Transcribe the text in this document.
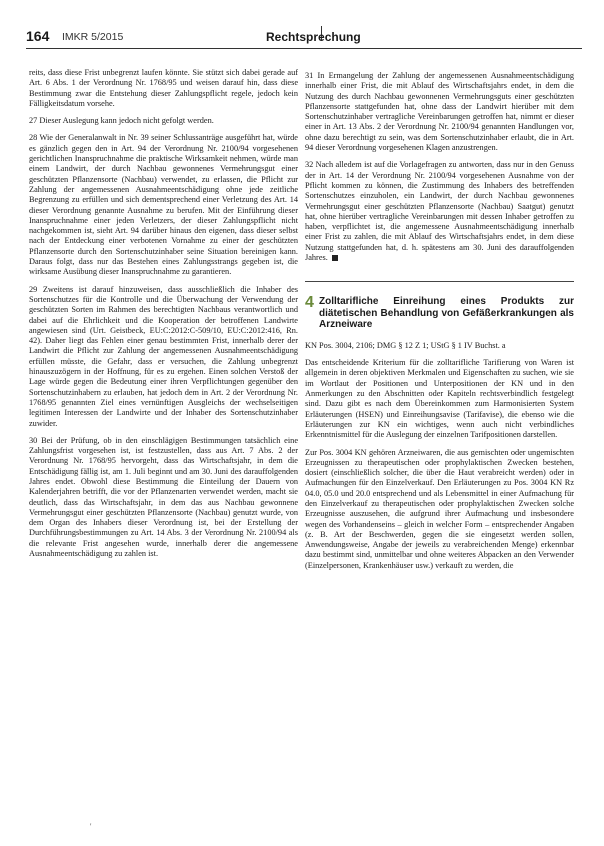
164 IMKR 5/2015	Rechtsprechung

reits, dass diese Frist unbegrenzt laufen könnte. Sie stützt sich dabei gerade auf Art. 6 Abs. 1 der Verordnung Nr. 1768/95 und weisen darauf hin, dass diese Bestimmung zwar die Entstehung dieser Zahlungspflicht regele, jedoch kein Fälligkeitsdatum vorsehe.

27 Dieser Auslegung kann jedoch nicht gefolgt werden.

28 Wie der Generalanwalt in Nr. 39 seiner Schlussanträge ausgeführt hat, würde es gänzlich gegen den in Art. 94 der Verordnung Nr. 2100/94 vorgesehenen gerichtlichen Inanspruchnahme die praktische Wirksamkeit nehmen, würde man einem Landwirt, der durch Nachbau gewonnenes Vermehrungsgut einer geschützten Pflanzensorte (Nachbau) verwendet, zu erlassen, die Pflicht zur Zahlung der angemessenen Ausnahmeentschädigung ohne jede zeitliche Begrenzung zu erfüllen und sich dementsprechend einer Verletzung des Art. 14 dieser Verordnung genannte Ausnahme zu berufen. Mit der Einführung dieser Inanspruchnahme einer jeden Verletzers, der dieser Zahlungspflicht nicht nachgekommen ist, sieht Art. 94 darüber hinaus den eigenen, dass dieser selbst nach der Entdeckung einer verbotenen Vornahme zu einer der geschützten Pflanzensorte durch den Sortenschutzinhaber seine Situation bereinigen kann. Daraus folgt, dass nur das Bestehen eines Zahlungsstrangs gegeben ist, die wirksame Ausübung dieser Inanspruchnahme zu garantieren.

29 Zweitens ist darauf hinzuweisen, dass ausschließlich die Inhaber des Sortenschutzes für die Kontrolle und die Überwachung der Verwendung der geschützten Sorten im Rahmen des berechtigten Nachbaus verantwortlich und dabei auf die Ehrlichkeit und die Kooperation der betroffenen Landwirte angewiesen sind (Urt. Geistbeck, EU:C:2012:C-509/10, EU:C:2012:416, Rn. 42). Daher liegt das Fehlen einer genau bestimmten Frist, innerhalb derer der Landwirt die Pflicht zur Zahlung der angemessenen Ausnahmeentschädigung erfüllen müsste, die Gefahr, dass er versuchen, die Zahlung unbegrenzt hinauszuzögern in der Hoffnung, für es zu ergehen. Einen solchen Verstoß der Lage würde gegen die Bedeutung einer ihren Verpflichtungen gegenüber den Sortenschutzinhabern zu erlauben, hat jedoch dem in Art. 2 der Verordnung Nr. 1768/95 genannten Ziel eines vernünftigen Ausgleichs der wechselseitigen legitimen Interessen der Landwirte und der Inhaber des Sortenschutzinhaber zuwider.

30 Bei der Prüfung, ob in den einschlägigen Bestimmungen tatsächlich eine Zahlungsfrist vorgesehen ist, ist festzustellen, dass aus Art. 7 Abs. 2 der Verordnung Nr. 1768/95 hervorgeht, dass das Wirtschaftsjahr, in dem die Entschädigung fällig ist, am 1. Juli beginnt und am 30. Juni des darauffolgenden Jahres endet. Obwohl diese Bestimmung die Einteilung der Dauern von Kalenderjahren betrifft, die vor der Pflanzenarten verwendet werden, macht sie deutlich, dass das Wirtschaftsjahr, in dem das aus Nachbau gewonnene Vermehrungsgut einer geschützten Pflanzensorte (Nachbau) genutzt wurde, von dem Organ des Inhabers dieser Verordnung ist, bei der Erstellung der Durchführungsbestimmungen zu Art. 14 Abs. 3 der Verordnung Nr. 2100/94 als die relevante Frist angesehen wurde, innerhalb derer die angemessene Ausnahmeentschädigung zu zahlen ist.

31 In Ermangelung der Zahlung der angemessenen Ausnahmeentschädigung innerhalb einer Frist, die mit Ablauf des Wirtschaftsjahrs endet, in dem die Nutzung des durch Nachbau gewonnenen Vermehrungsguts einer geschützten Pflanzensorte stattgefunden hat, ohne dass der Landwirt hierüber mit dem Sortenschutzinhaber vertragliche Vereinbarungen getroffen hat, nimmt er dieser einer in Art. 13 Abs. 2 der Verordnung Nr. 2100/94 genannten Handlungen vor, ohne dazu berechtigt zu sein, was dem Sortenschutzinhaber erlaubt, die in Art. 94 dieser Verordnung vorgesehenen Klagen anzustrengen.

32 Nach alledem ist auf die Vorlagefragen zu antworten, dass nur in den Genuss der in Art. 14 der Verordnung Nr. 2100/94 vorgesehenen Ausnahme von der Pflicht kommen zu können, die Zustimmung des Inhabers des betreffenden Sortenschutzes einzuholen, ein Landwirt, der durch Nachbau gewonnenes Vermehrungsgut einer geschützten Pflanzensorte (Nachbau) Saatgut) genutzt hat, ohne hierüber vertragliche Vereinbarungen mit dessen Inhaber getroffen zu haben, verpflichtet ist, die angemessene Ausnahmeentschädigung innerhalb einer Frist zu zahlen, die mit Ablauf des Wirtschaftsjahrs endet, in dem diese Nutzung stattgefunden hat, d. h. spätestens am 30. Juni des darauffolgenden Jahres.

4 Zolltarifliche Einreihung eines Produkts zur diätetischen Behandlung von Gefäßerkrankungen als Arzneiware

KN Pos. 3004, 2106; DMG § 12 Z 1; UStG § 1 IV Buchst. a

Das entscheidende Kriterium für die zolltarifliche Tarifierung von Waren ist allgemein in deren objektiven Merkmalen und Eigenschaften zu suchen, wie sie im Wortlaut der Positionen und Unterpositionen der KN und in den Anmerkungen zu den Abschnitten oder Kapiteln rechtsverbindlich festgelegt sind. Dazu gibt es nach dem Übereinkommen zum Harmonisierten System Erläuterungen (HSEN) und Einreihungsavise (Tarifavise), die ebenso wie die Erläuterungen zur KN ein wichtiges, wenn auch nicht verbindliches Erkenntnismittel für die Auslegung der einzelnen Tarifpositionen darstellen.

Zur Pos. 3004 KN gehören Arzneiwaren, die aus gemischten oder ungemischten Erzeugnissen zu therapeutischen oder prophylaktischen Zwecken bestehen, dosiert (einschließlich solcher, die über die Haut verabreicht werden) oder in Aufmachungen für den Einzelverkauf. Den Erläuterungen zu Pos. 3004 KN Rz 04.0, 05.0 und 20.0 entsprechend und als Lebensmittel in einer Aufmachung für den Einzelverkauf zu therapeutischen oder prophylaktischen Zwecken solche Erzeugnisse auszusehen, die aufgrund ihrer Aufmachung und insbesondere wegen des Vorhandenseins – gleich in welcher Form – entsprechender Angaben (z. B. Art der Beschwerden, gegen die sie eingesetzt werden sollen, Anwendungsweise, Angabe der jeweils zu verabreichenden Menge) erkennbar dazu bestimmt sind, unmittelbar und ohne weiteres Abpacken an den Verwender (Einzelpersonen, Krankenhäuser usw.) verkauft zu werden, die

'
